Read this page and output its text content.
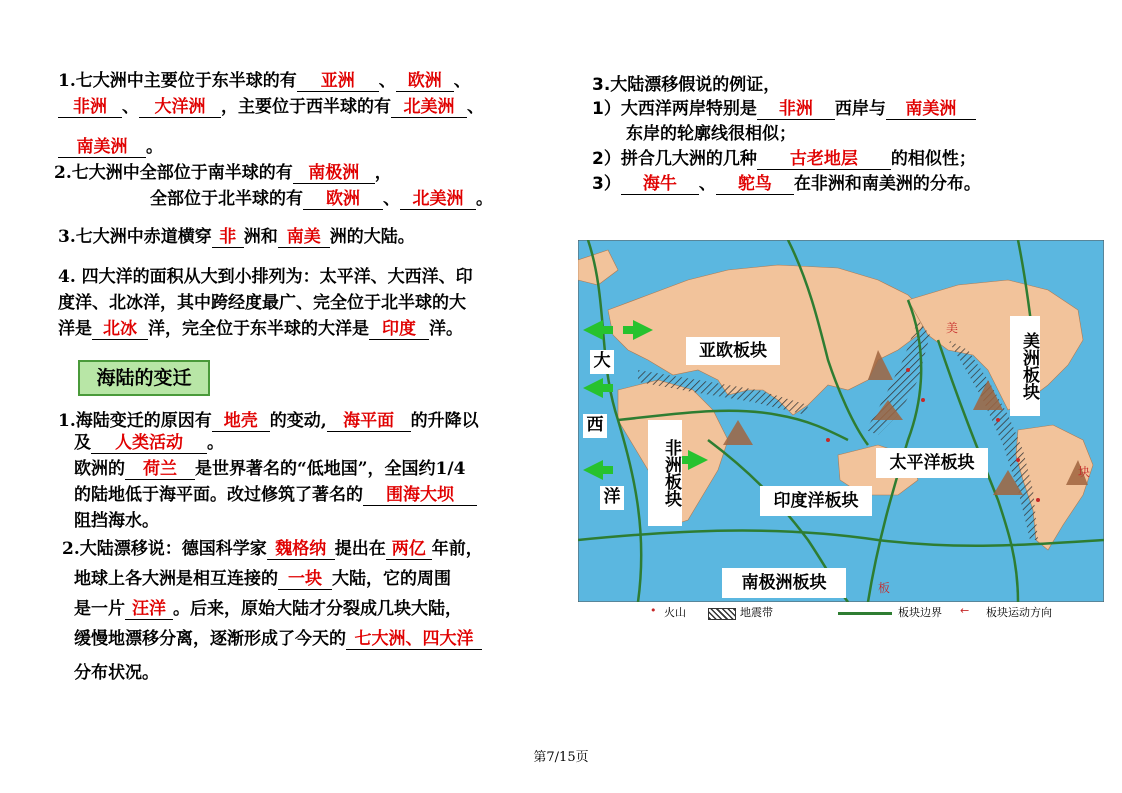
1.七大洲中主要位于东半球的有 亚洲 、 欧洲 、
非洲 、 大洋洲 ，主要位于西半球的有 北美洲 、
南美洲 。
2.七大洲中全部位于南半球的有 南极洲 ，
全部位于北半球的有 欧洲 、 北美洲 。
3.七大洲中赤道横穿 非 洲和 南美 洲的大陆。
4. 四大洋的面积从大到小排列为：太平洋、大西洋、印
度洋、北冰洋，其中跨经度最广、完全位于北半球的大
洋是 北冰 洋，完全位于东半球的大洋是 印度 洋。
海陆的变迁
1.海陆变迁的原因有 地壳 的变动, 海平面 的升降以
及 人类活动 。
欧洲的 荷兰 是世界著名的“低地国”，全国约1/4
的陆地低于海平面。改过修筑了著名的 围海大坝
阻挡海水。
2.大陆漂移说：德国科学家 魏格纳 提出在 两亿 年前，
地球上各大洲是相互连接的 一块 大陆，它的周围
是一片 汪洋 。后来，原始大陆才分裂成几块大陆，
缓慢地漂移分离，逐渐形成了今天的 七大洲、四大洋
分布状况。
3.大陆漂移假说的例证，
1）大西洋两岸特别是 非洲 西岸与 南美洲
东岸的轮廓线很相似；
2）拼合几大洲的几种 古老地层 的相似性；
3） 海牛 、 鸵鸟 在非洲和南美洲的分布。
美
板
块
亚欧板块	美洲板块
非洲板块	太平洋板块
印度洋板块
南极洲板块
大
西
洋
• 火山	地震带	板块边界 ← 板块运动方向
第7/15页
